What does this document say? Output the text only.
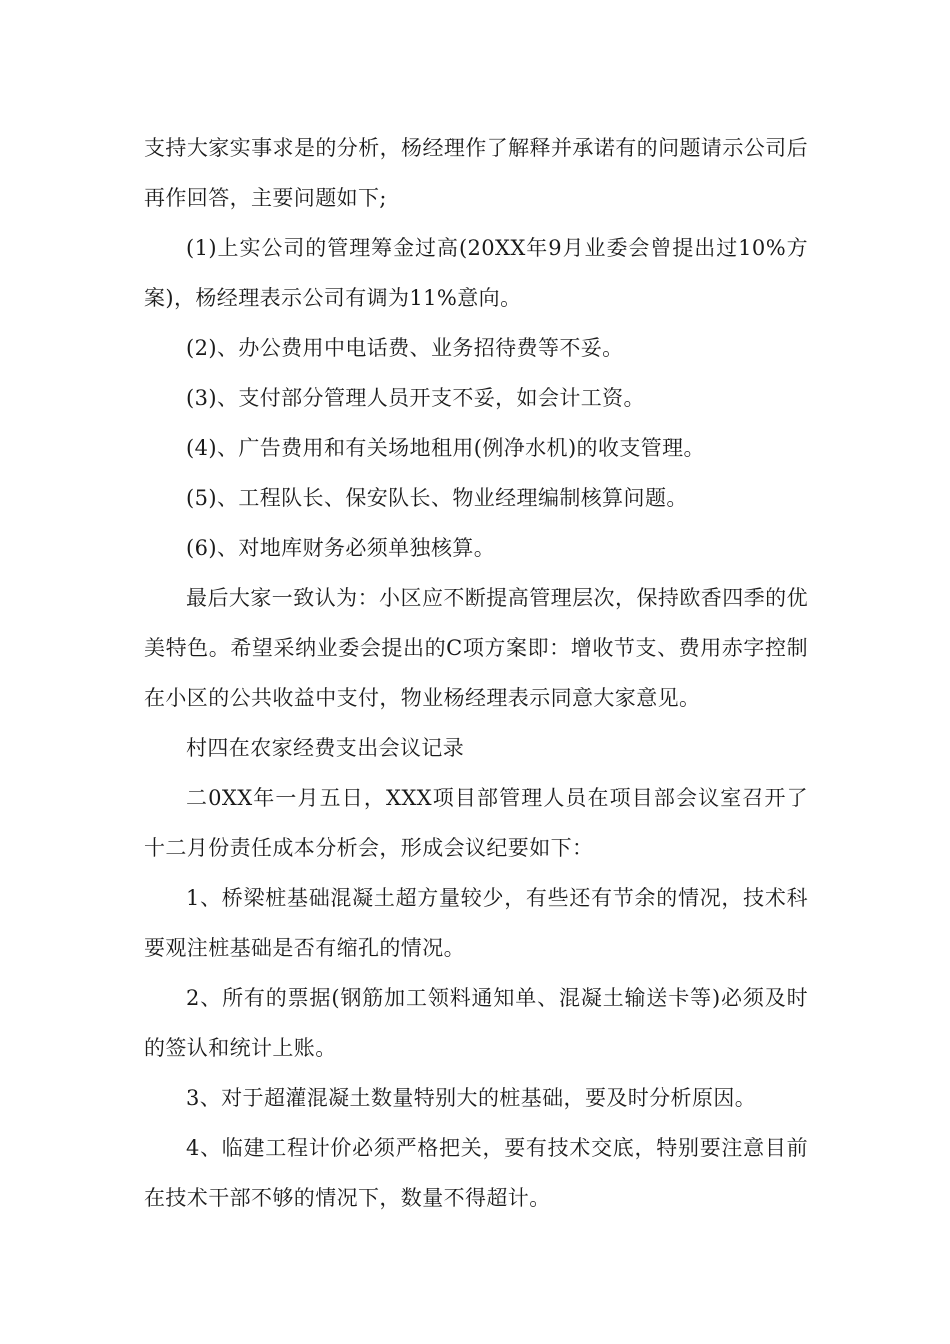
支持大家实事求是的分析，杨经理作了解释并承诺有的问题请示公司后再作回答，主要问题如下;

(1)上实公司的管理筹金过高(20XX年9月业委会曾提出过10%方案)，杨经理表示公司有调为11%意向。

(2)、办公费用中电话费、业务招待费等不妥。

(3)、支付部分管理人员开支不妥，如会计工资。

(4)、广告费用和有关场地租用(例净水机)的收支管理。

(5)、工程队长、保安队长、物业经理编制核算问题。

(6)、对地库财务必须单独核算。

最后大家一致认为：小区应不断提高管理层次，保持欧香四季的优美特色。希望采纳业委会提出的C项方案即：增收节支、费用赤字控制在小区的公共收益中支付，物业杨经理表示同意大家意见。

村四在农家经费支出会议记录

二0XX年一月五日，XXX项目部管理人员在项目部会议室召开了十二月份责任成本分析会，形成会议纪要如下：

1、桥梁桩基础混凝土超方量较少，有些还有节余的情况，技术科要观注桩基础是否有缩孔的情况。

2、所有的票据(钢筋加工领料通知单、混凝土输送卡等)必须及时的签认和统计上账。

3、对于超灌混凝土数量特别大的桩基础，要及时分析原因。

4、临建工程计价必须严格把关，要有技术交底，特别要注意目前在技术干部不够的情况下，数量不得超计。
